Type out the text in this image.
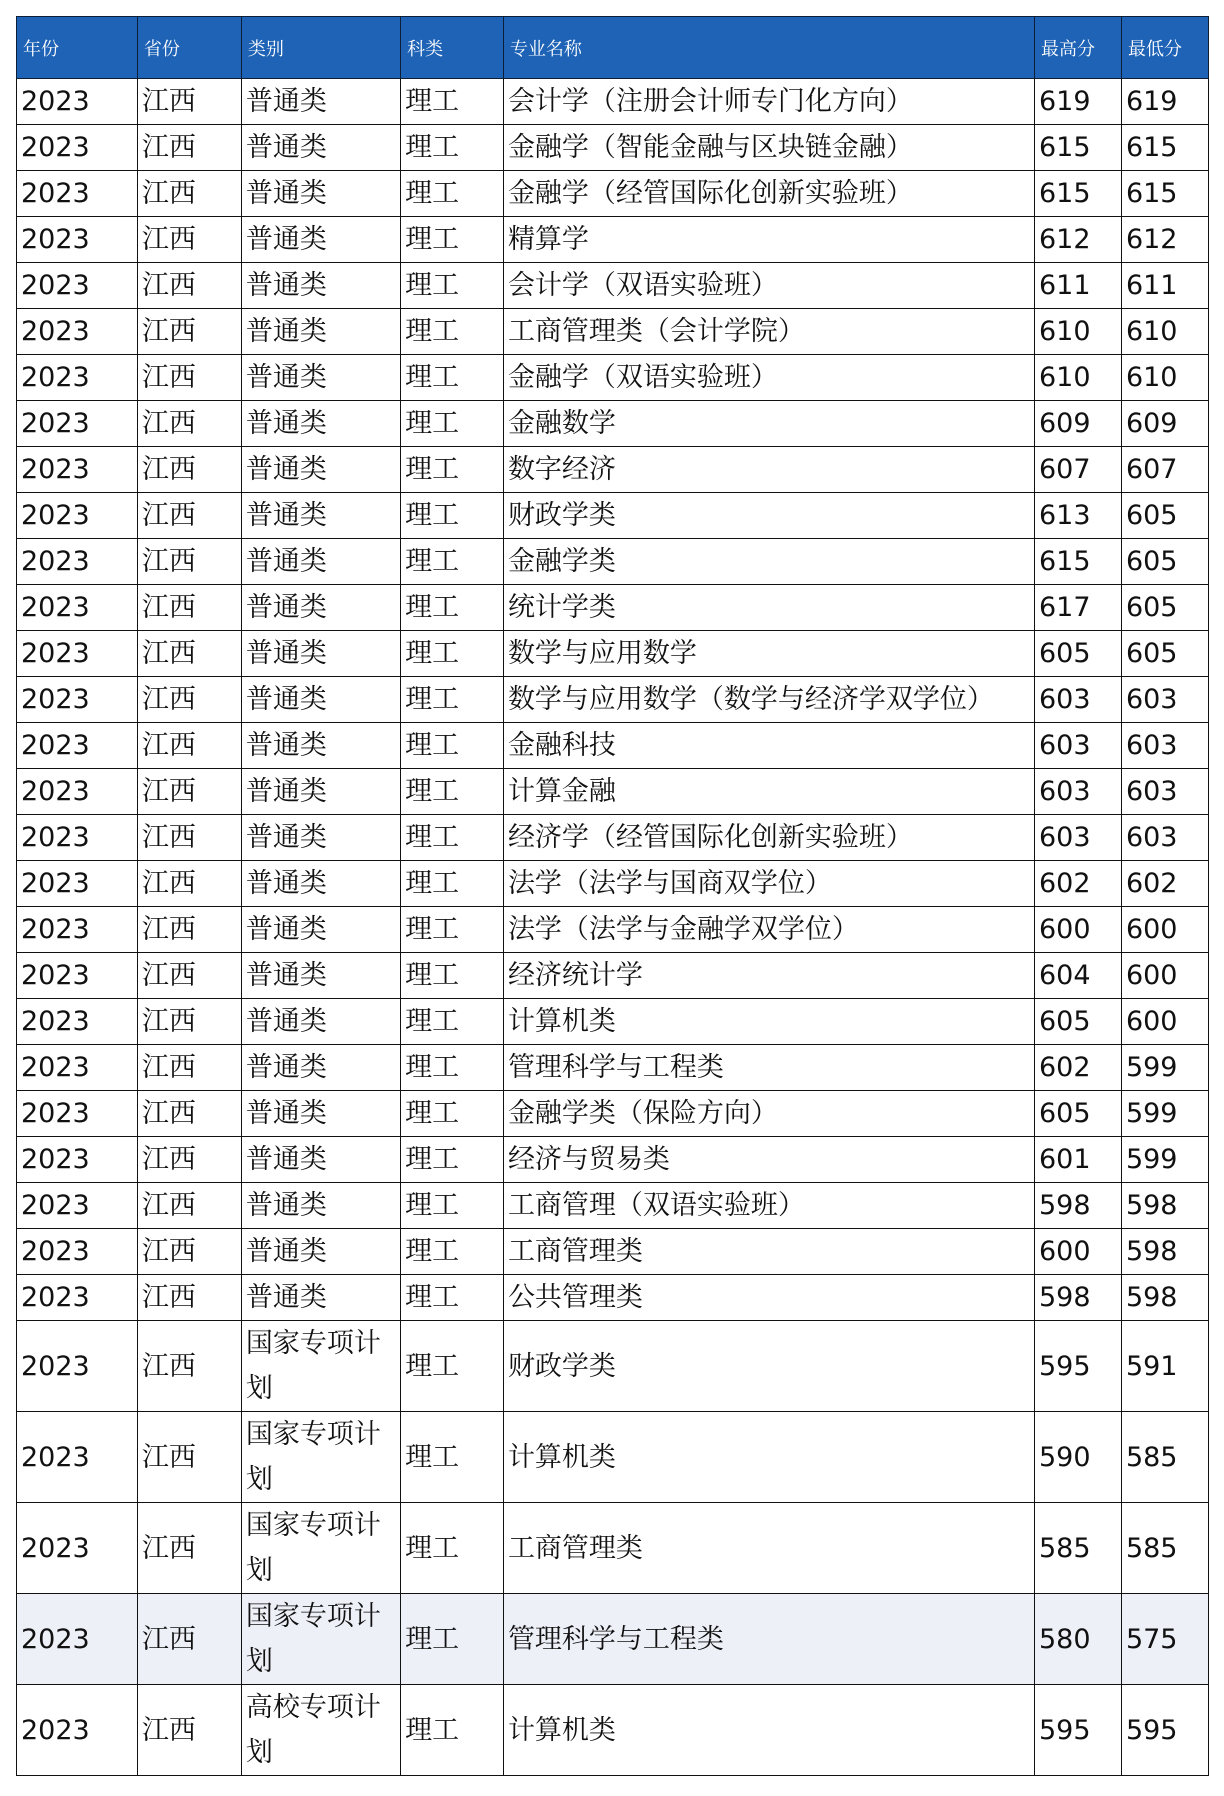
年份	省份	类别	科类	专业名称	最高分	最低分
2023	江西	普通类	理工	会计学（注册会计师专门化方向）	619	619
2023	江西	普通类	理工	金融学（智能金融与区块链金融）	615	615
2023	江西	普通类	理工	金融学（经管国际化创新实验班）	615	615
2023	江西	普通类	理工	精算学	612	612
2023	江西	普通类	理工	会计学（双语实验班）	611	611
2023	江西	普通类	理工	工商管理类（会计学院）	610	610
2023	江西	普通类	理工	金融学（双语实验班）	610	610
2023	江西	普通类	理工	金融数学	609	609
2023	江西	普通类	理工	数字经济	607	607
2023	江西	普通类	理工	财政学类	613	605
2023	江西	普通类	理工	金融学类	615	605
2023	江西	普通类	理工	统计学类	617	605
2023	江西	普通类	理工	数学与应用数学	605	605
2023	江西	普通类	理工	数学与应用数学（数学与经济学双学位）	603	603
2023	江西	普通类	理工	金融科技	603	603
2023	江西	普通类	理工	计算金融	603	603
2023	江西	普通类	理工	经济学（经管国际化创新实验班）	603	603
2023	江西	普通类	理工	法学（法学与国商双学位）	602	602
2023	江西	普通类	理工	法学（法学与金融学双学位）	600	600
2023	江西	普通类	理工	经济统计学	604	600
2023	江西	普通类	理工	计算机类	605	600
2023	江西	普通类	理工	管理科学与工程类	602	599
2023	江西	普通类	理工	金融学类（保险方向）	605	599
2023	江西	普通类	理工	经济与贸易类	601	599
2023	江西	普通类	理工	工商管理（双语实验班）	598	598
2023	江西	普通类	理工	工商管理类	600	598
2023	江西	普通类	理工	公共管理类	598	598
2023	江西	国家专项计划	理工	财政学类	595	591
2023	江西	国家专项计划	理工	计算机类	590	585
2023	江西	国家专项计划	理工	工商管理类	585	585
2023	江西	国家专项计划	理工	管理科学与工程类	580	575
2023	江西	高校专项计划	理工	计算机类	595	595
